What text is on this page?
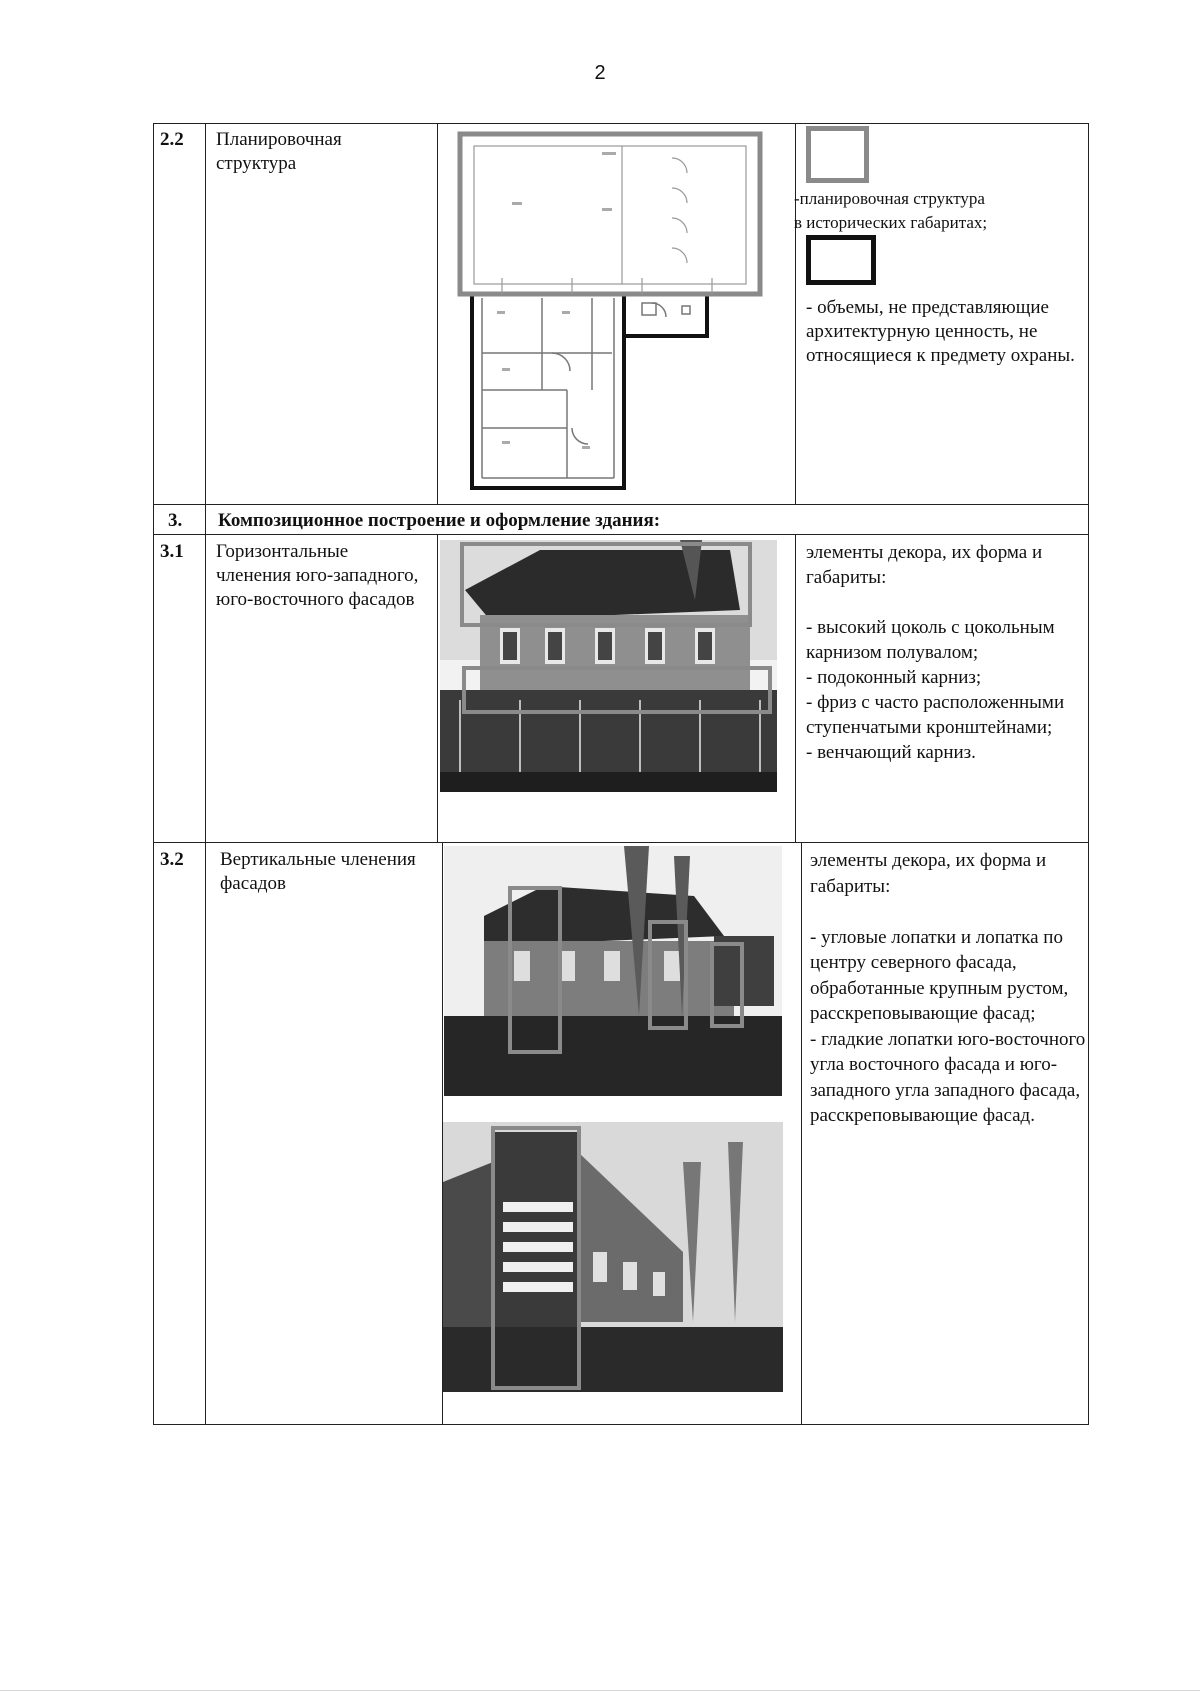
2
2.2 Планировочная структура
-планировочная структура
в исторических габаритах;
- объемы, не представляющие архитектурную ценность, не относящиеся к предмету охраны.
3. Композиционное построение и оформление здания:
3.1 Горизонтальные членения юго-западного, юго-восточного фасадов
элементы декора, их форма и габариты:

- высокий цоколь с цокольным карнизом полувалом;
- подоконный карниз;
- фриз с часто расположенными ступенчатыми кронштейнами;
- венчающий карниз.
3.2 Вертикальные членения фасадов
элементы декора, их форма и габариты:

- угловые лопатки и лопатка по центру северного фасада, обработанные крупным рустом, расскреповывающие фасад;
- гладкие лопатки юго-восточного угла восточного фасада и юго-западного угла западного фасада, расскреповывающие фасад.
